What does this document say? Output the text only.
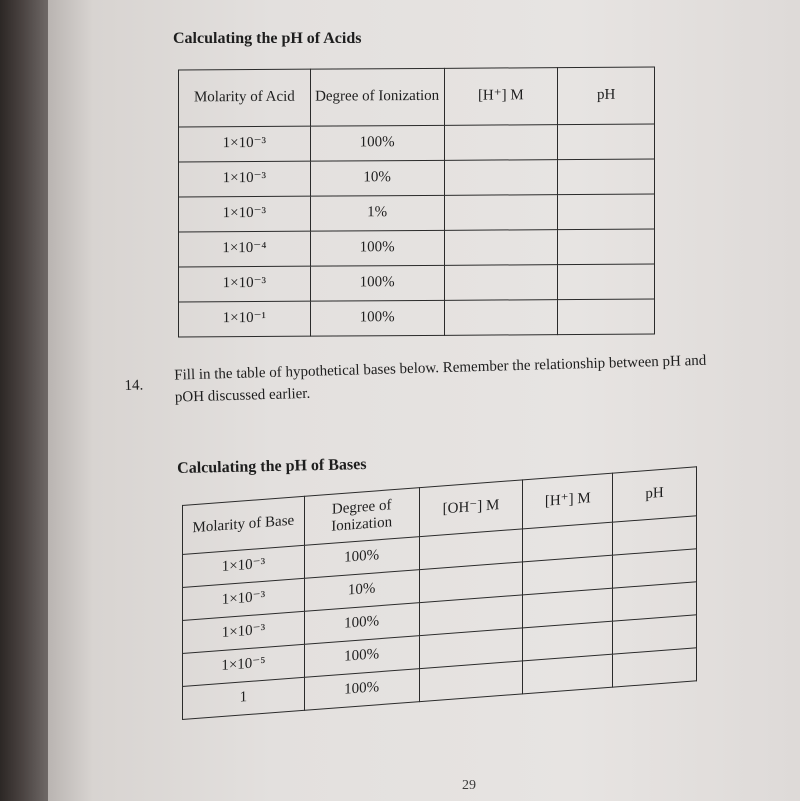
Calculating the pH of Acids
Molarity of Acid	Degree of Ionization	[H⁺] M	pH
1×10⁻³	100%		
1×10⁻³	10%		
1×10⁻³	1%		
1×10⁻⁴	100%		
1×10⁻³	100%		
1×10⁻¹	100%		
14.
Fill in the table of hypothetical bases below. Remember the relationship between pH and pOH discussed earlier.
Calculating the pH of Bases
Molarity of Base	Degree of Ionization	[OH⁻] M	[H⁺] M	pH
1×10⁻³	100%			
1×10⁻³	10%			
1×10⁻³	100%			
1×10⁻⁵	100%			
1	100%			
29
